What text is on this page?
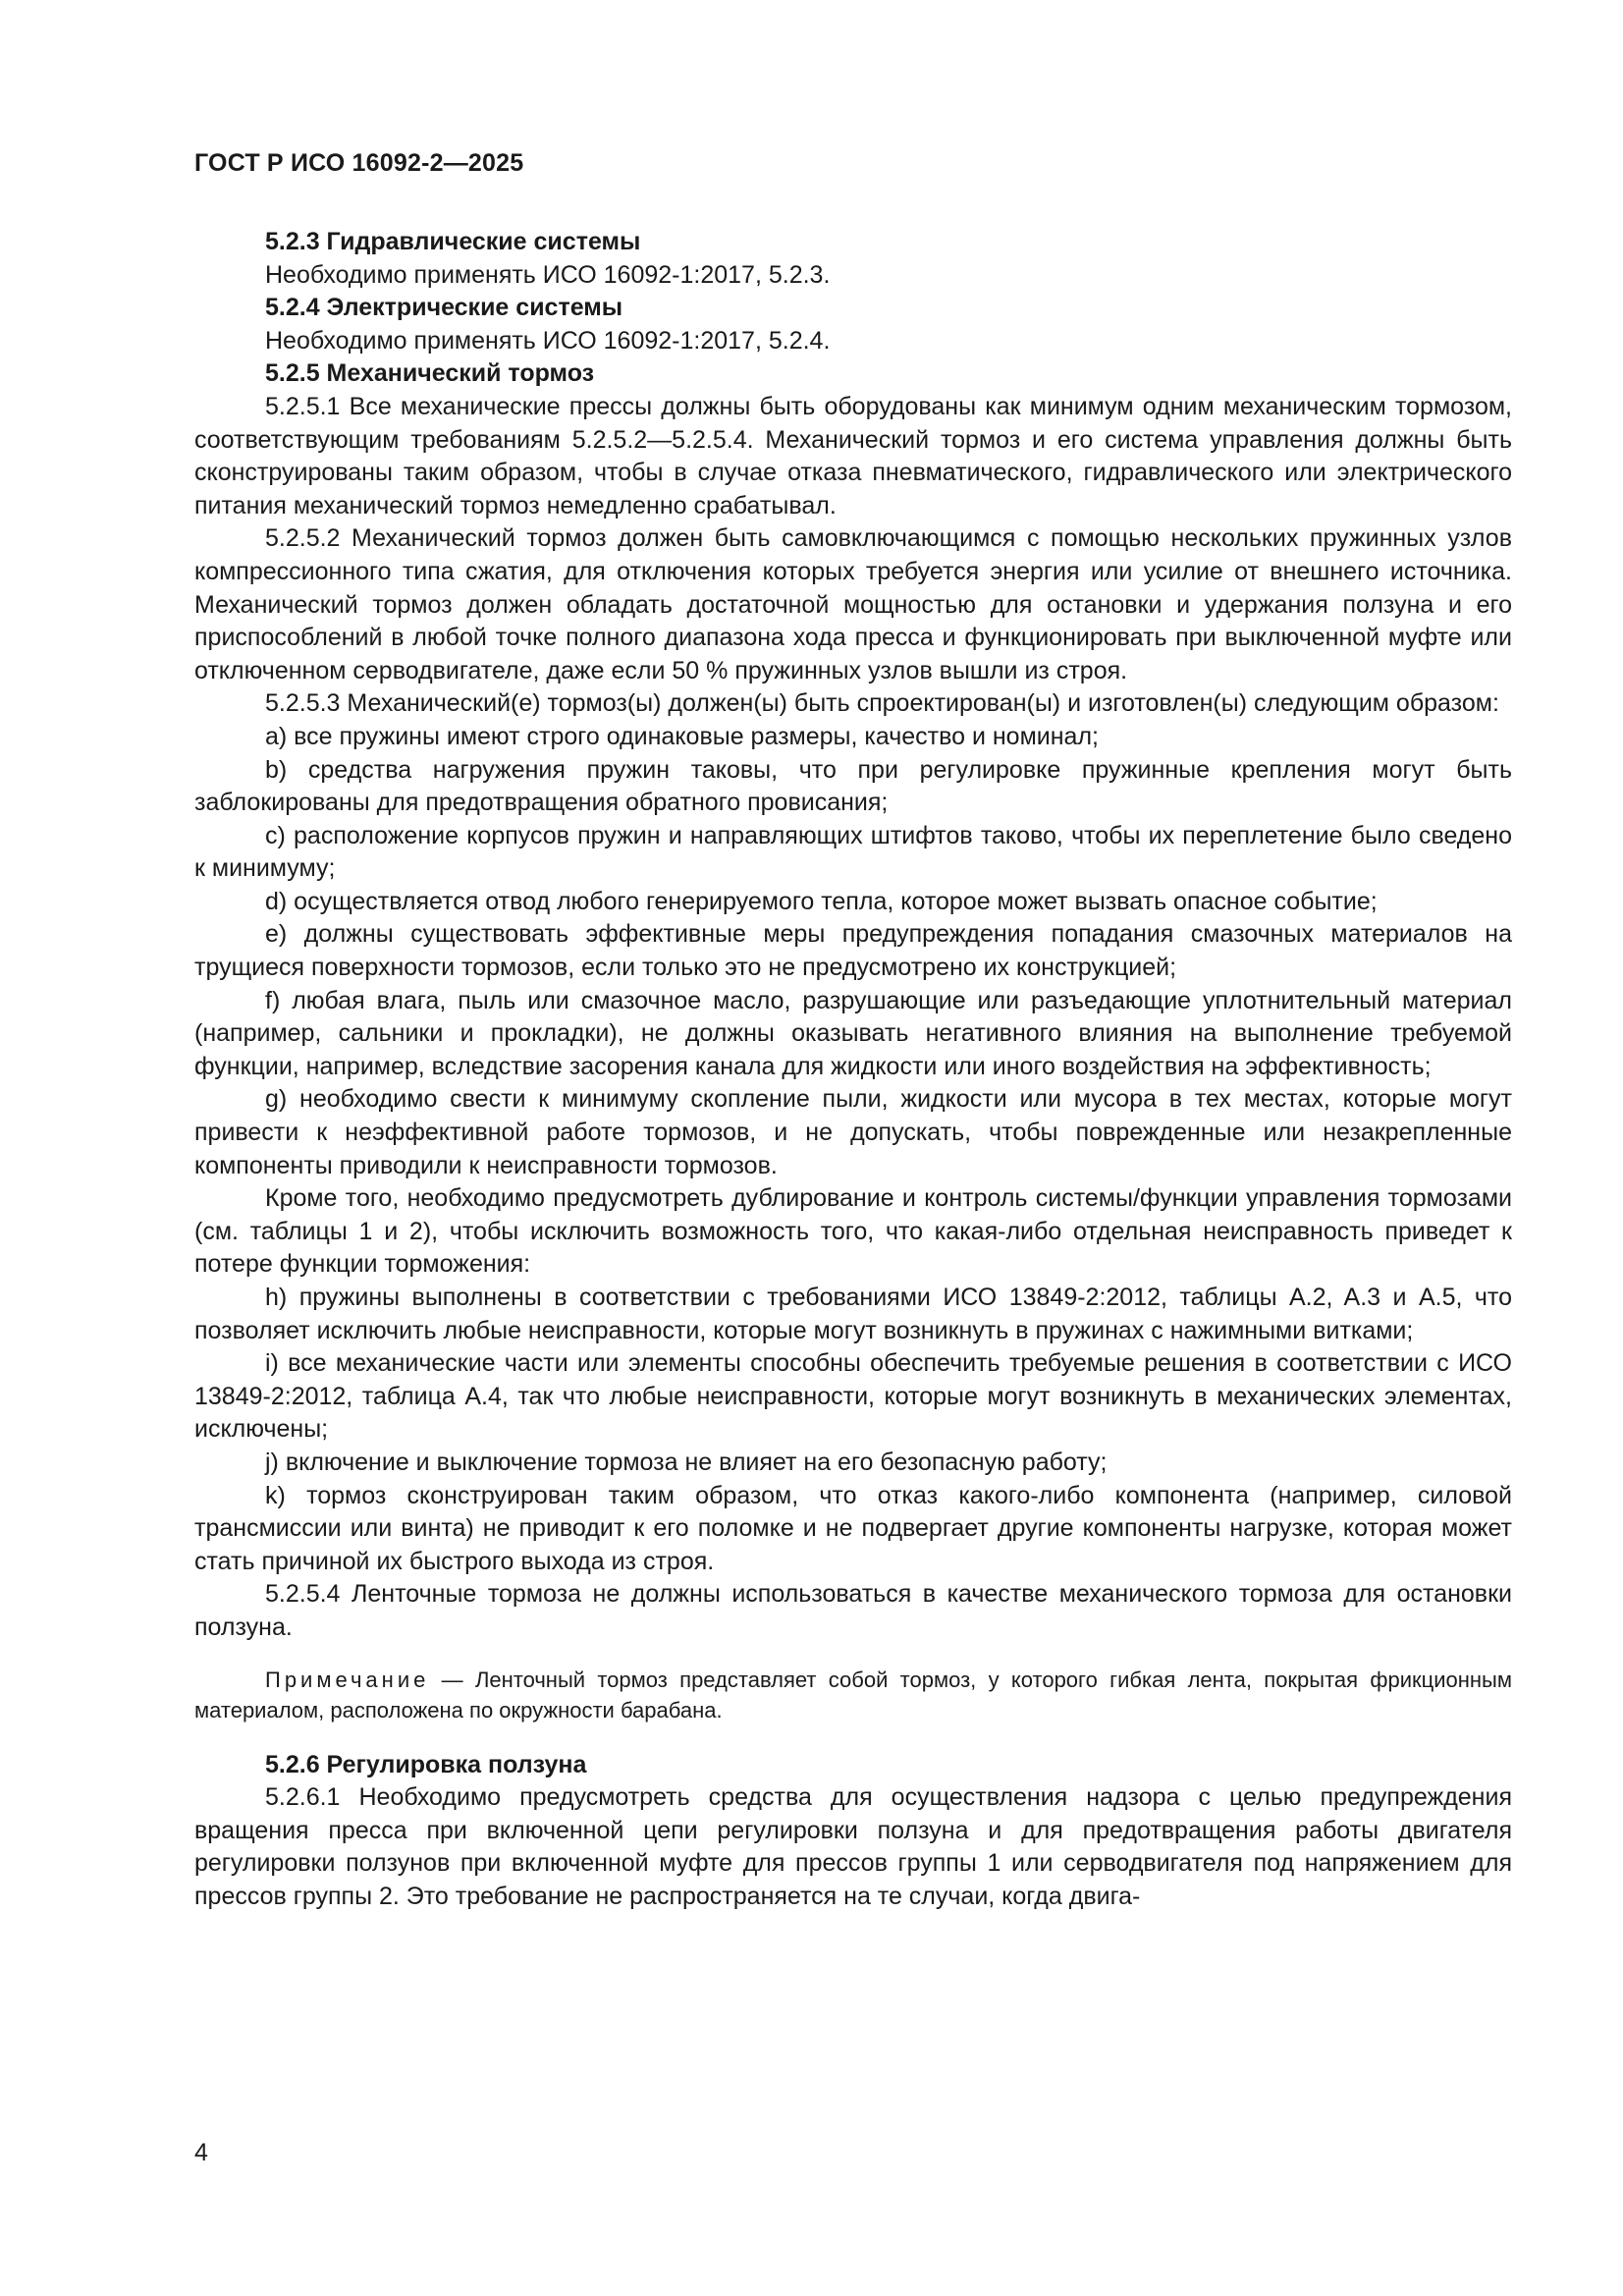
ГОСТ Р ИСО 16092-2—2025

5.2.3 Гидравлические системы

Необходимо применять ИСО 16092-1:2017, 5.2.3.

5.2.4 Электрические системы

Необходимо применять ИСО 16092-1:2017, 5.2.4.

5.2.5 Механический тормоз

5.2.5.1 Все механические прессы должны быть оборудованы как минимум одним механическим тормозом, соответствующим требованиям 5.2.5.2—5.2.5.4. Механический тормоз и его система управления должны быть сконструированы таким образом, чтобы в случае отказа пневматического, гидравлического или электрического питания механический тормоз немедленно срабатывал.

5.2.5.2 Механический тормоз должен быть самовключающимся с помощью нескольких пружинных узлов компрессионного типа сжатия, для отключения которых требуется энергия или усилие от внешнего источника. Механический тормоз должен обладать достаточной мощностью для остановки и удержания ползуна и его приспособлений в любой точке полного диапазона хода пресса и функционировать при выключенной муфте или отключенном серводвигателе, даже если 50 % пружинных узлов вышли из строя.

5.2.5.3 Механический(е) тормоз(ы) должен(ы) быть спроектирован(ы) и изготовлен(ы) следующим образом:

a) все пружины имеют строго одинаковые размеры, качество и номинал;

b) средства нагружения пружин таковы, что при регулировке пружинные крепления могут быть заблокированы для предотвращения обратного провисания;

c) расположение корпусов пружин и направляющих штифтов таково, чтобы их переплетение было сведено к минимуму;

d) осуществляется отвод любого генерируемого тепла, которое может вызвать опасное событие;

e) должны существовать эффективные меры предупреждения попадания смазочных материалов на трущиеся поверхности тормозов, если только это не предусмотрено их конструкцией;

f) любая влага, пыль или смазочное масло, разрушающие или разъедающие уплотнительный материал (например, сальники и прокладки), не должны оказывать негативного влияния на выполнение требуемой функции, например, вследствие засорения канала для жидкости или иного воздействия на эффективность;

g) необходимо свести к минимуму скопление пыли, жидкости или мусора в тех местах, которые могут привести к неэффективной работе тормозов, и не допускать, чтобы поврежденные или незакрепленные компоненты приводили к неисправности тормозов.

Кроме того, необходимо предусмотреть дублирование и контроль системы/функции управления тормозами (см. таблицы 1 и 2), чтобы исключить возможность того, что какая-либо отдельная неисправность приведет к потере функции торможения:

h) пружины выполнены в соответствии с требованиями ИСО 13849-2:2012, таблицы A.2, A.3 и A.5, что позволяет исключить любые неисправности, которые могут возникнуть в пружинах с нажимными витками;

i) все механические части или элементы способны обеспечить требуемые решения в соответствии с ИСО 13849-2:2012, таблица A.4, так что любые неисправности, которые могут возникнуть в механических элементах, исключены;

j) включение и выключение тормоза не влияет на его безопасную работу;

k) тормоз сконструирован таким образом, что отказ какого-либо компонента (например, силовой трансмиссии или винта) не приводит к его поломке и не подвергает другие компоненты нагрузке, которая может стать причиной их быстрого выхода из строя.

5.2.5.4 Ленточные тормоза не должны использоваться в качестве механического тормоза для остановки ползуна.

Примечание — Ленточный тормоз представляет собой тормоз, у которого гибкая лента, покрытая фрикционным материалом, расположена по окружности барабана.

5.2.6 Регулировка ползуна

5.2.6.1 Необходимо предусмотреть средства для осуществления надзора с целью предупреждения вращения пресса при включенной цепи регулировки ползуна и для предотвращения работы двигателя регулировки ползунов при включенной муфте для прессов группы 1 или серводвигателя под напряжением для прессов группы 2. Это требование не распространяется на те случаи, когда двига-

4
